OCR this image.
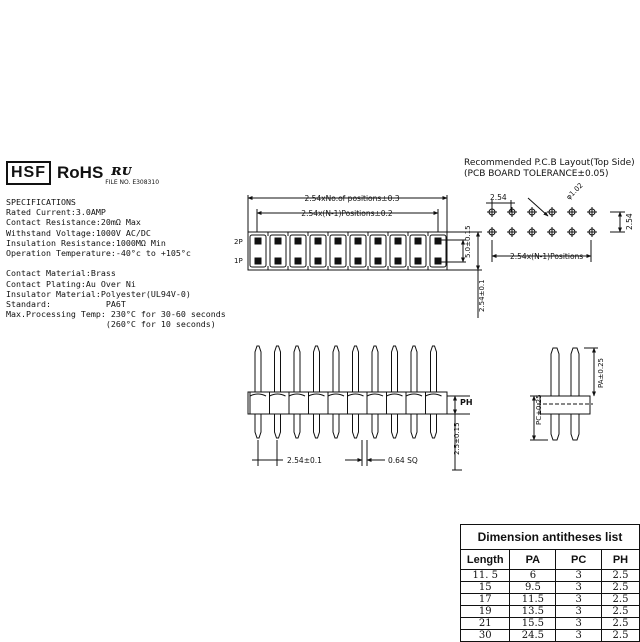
HSF RoHS ʀᴜ
FILE NO. E308310
SPECIFICATIONS
Rated Current:3.0AMP
Contact Resistance:20mΩ Max
Withstand Voltage:1000V AC/DC
Insulation Resistance:1000MΩ Min
Operation Temperature:-40°c to +105°c
Contact Material:Brass
Contact Plating:Au Over Ni
Insulator Material:Polyester(UL94V-0)
Standard:           PA6T
Max.Processing Temp: 230°C for 30-60 seconds
(260°C for 10 seconds)
Recommended P.C.B Layout(Top Side)
(PCB BOARD TOLERANCE±0.05)
2.54xNo.of positions±0.3
2.54x(N-1)Positions±0.2
2P
1P
5.0±0.15
2.54±0.1
2.54	φ1.02
2.54
2.54x(N-1)Positions
PH
2.5±0.15
2.54±0.1	0.64 SQ
PA±0.25
PC±0.25
Dimension antitheses list
Length	PA	PC	PH
11. 5	6	3	2.5
15	9.5	3	2.5
17	11.5	3	2.5
19	13.5	3	2.5
21	15.5	3	2.5
30	24.5	3	2.5
